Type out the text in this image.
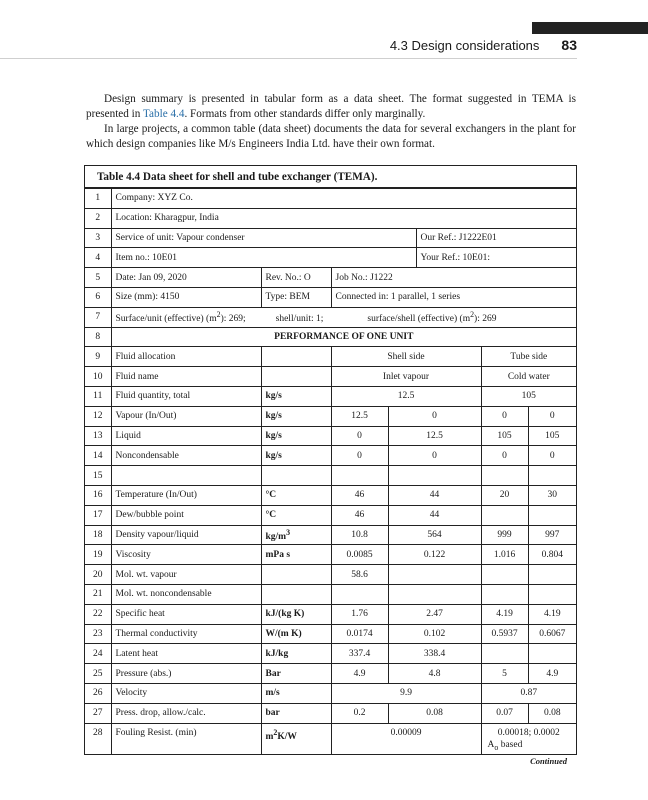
4.3 Design considerations 83

Design summary is presented in tabular form as a data sheet. The format suggested in TEMA is presented in Table 4.4. Formats from other standards differ only marginally.

In large projects, a common table (data sheet) documents the data for several exchangers in the plant for which design companies like M/s Engineers India Ltd. have their own format.

Table 4.4 Data sheet for shell and tube exchanger (TEMA).
1	Company: XYZ Co.						
2	Location: Kharagpur, India						
3	Service of unit: Vapour condenser				Our Ref.: J1222E01		
4	Item no.: 10E01				Your Ref.: 10E01:		
5	Date: Jan 09, 2020	Rev. No.: O	Job No.: J1222				
6	Size (mm): 4150	Type: BEM	Connected in: 1 parallel, 1 series				
7	Surface/unit (effective) $(m^2)$: 269; shell/unit: 1; surface/shell (effective) $(m^2)$: 269						
8	PERFORMANCE OF ONE UNIT						
9	Fluid allocation		Shell side			Tube side	
10	Fluid name		Inlet vapour			Cold water	
11	Fluid quantity, total	kg/s	12.5			105	
12	Vapour (In/Out)	kg/s	12.5	0		0	0
13	Liquid	kg/s	0	12.5		105	105
14	Noncondensable	kg/s	0	0		0	0
15							
16	Temperature (In/Out)	°C	46	44		20	30
17	Dew/bubble point	°C	46	44			
18	Density vapour/liquid	$kg/m^3$	10.8	564		999	997
19	Viscosity	mPa s	0.0085	0.122		1.016	0.804
20	Mol. wt. vapour		58.6				
21	Mol. wt. noncondensable						
22	Specific heat	kJ/(kg K)	1.76	2.47		4.19	4.19
23	Thermal conductivity	W/(m K)	0.0174	0.102		0.5937	0.6067
24	Latent heat	kJ/kg	337.4	338.4			
25	Pressure (abs.)	Bar	4.9	4.8		5	4.9
26	Velocity	m/s	9.9			0.87	
27	Press. drop, allow./calc.	bar	0.2	0.08		0.07	0.08
28	Fouling Resist. (min)	$m^2K/W$	0.00009			0.00018; 0.0002

$A_o$ based	
Continued
